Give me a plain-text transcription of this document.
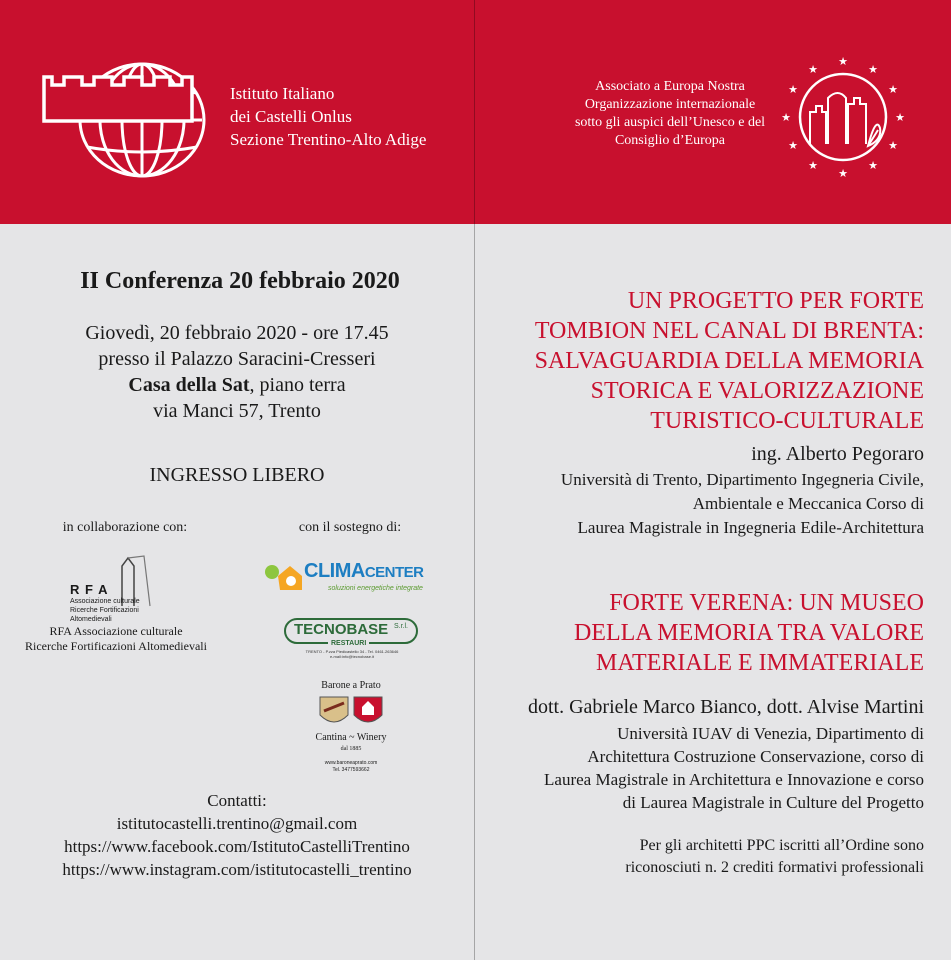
Istituto Italiano
dei Castelli Onlus
Sezione Trentino-Alto Adige
Associato a Europa Nostra
Organizzazione internazionale
sotto gli auspici dell’Unesco e del
Consiglio d’Europa
★
★
★
★
★
★
★
★
★
★
★
★
II Conferenza 20 febbraio 2020
Giovedì, 20 febbraio 2020 - ore 17.45
presso il Palazzo Saracini-Cresseri
Casa della Sat, piano terra
via Manci 57, Trento
INGRESSO LIBERO
in collaborazione con:	con il sostegno di:
R F A
Associazione culturale
Ricerche Fortificazioni Altomedievali
RFA Associazione culturale
Ricerche Fortificazioni Altomedievali
CLIMACENTER
soluzioni energetiche integrate
TECNOBASE S.r.l.
RESTAURI
TRENTO - P.zza Piedicastello 34 - Tel. 0461.263646
e-mail:info@tecnobase.it
Barone a Prato
Cantina ~ Winery
dal 1885
www.baroneaprato.com
Tel. 3477593662
Contatti:
istitutocastelli.trentino@gmail.com
https://www.facebook.com/IstitutoCastelliTrentino
https://www.instagram.com/istitutocastelli_trentino
UN PROGETTO PER FORTE
TOMBION NEL CANAL DI BRENTA:
SALVAGUARDIA DELLA MEMORIA
STORICA E VALORIZZAZIONE
TURISTICO-CULTURALE
ing. Alberto Pegoraro
Università di Trento, Dipartimento Ingegneria Civile,
Ambientale e Meccanica Corso di
Laurea Magistrale in Ingegneria Edile-Architettura
FORTE VERENA: UN MUSEO
DELLA MEMORIA TRA VALORE
MATERIALE E IMMATERIALE
dott. Gabriele Marco Bianco, dott. Alvise Martini
Università IUAV di Venezia, Dipartimento di
Architettura Costruzione Conservazione, corso di
Laurea Magistrale in Architettura e Innovazione e corso
di Laurea Magistrale in Culture del Progetto
Per gli architetti PPC iscritti all’Ordine sono
riconosciuti n. 2 crediti formativi professionali
